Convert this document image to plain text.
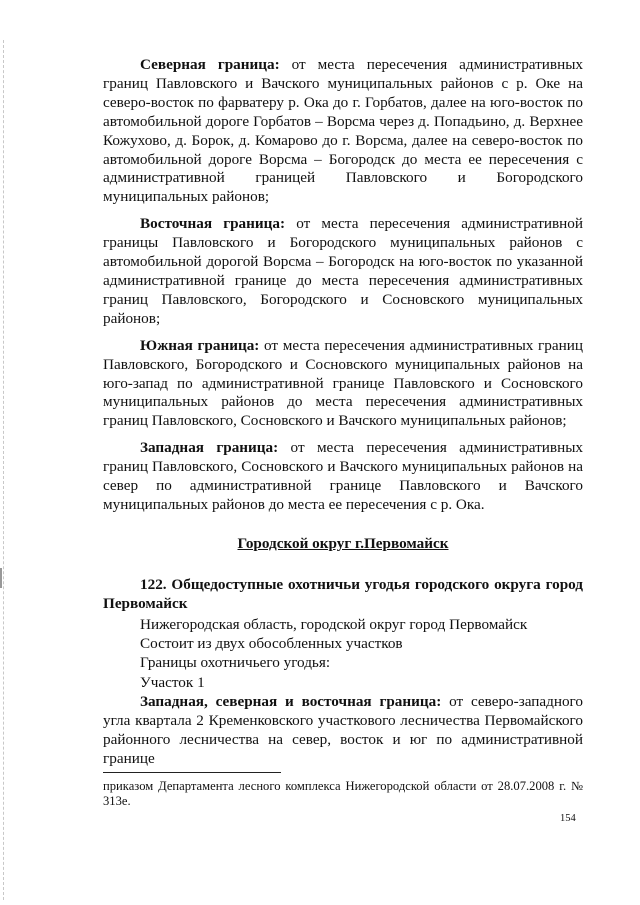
Северная граница: от места пересечения административных границ Павловского и Вачского муниципальных районов с р. Оке на северо-восток по фарватеру р. Ока до г. Горбатов, далее на юго-восток по автомобильной дороге Горбатов – Ворсма через д. Попадьино, д. Верхнее Кожухово, д. Борок, д. Комарово до г. Ворсма, далее на северо-восток по автомобильной дороге Ворсма – Богородск до места ее пересечения с административной границей Павловского и Богородского муниципальных районов;

Восточная граница: от места пересечения административной границы Павловского и Богородского муниципальных районов с автомобильной дорогой Ворсма – Богородск на юго-восток по указанной административной границе до места пересечения административных границ Павловского, Богородского и Сосновского муниципальных районов;

Южная граница: от места пересечения административных границ Павловского, Богородского и Сосновского муниципальных районов на юго-запад по административной границе Павловского и Сосновского муниципальных районов до места пересечения административных границ Павловского, Сосновского и Вачского муниципальных районов;

Западная граница: от места пересечения административных границ Павловского, Сосновского и Вачского муниципальных районов на север по административной границе Павловского и Вачского муниципальных районов до места ее пересечения с р. Ока.

Городской округ г.Первомайск

122. Общедоступные охотничьи угодья городского округа город Первомайск

Нижегородская область, городской округ город Первомайск

Состоит из двух обособленных участков

Границы охотничьего угодья:

Участок 1

Западная, северная и восточная граница: от северо-западного угла квартала 2 Кременковского участкового лесничества Первомайского районного лесничества на север, восток и юг по административной границе

приказом Департамента лесного комплекса Нижегородской области от 28.07.2008 г. № 313е.
154
